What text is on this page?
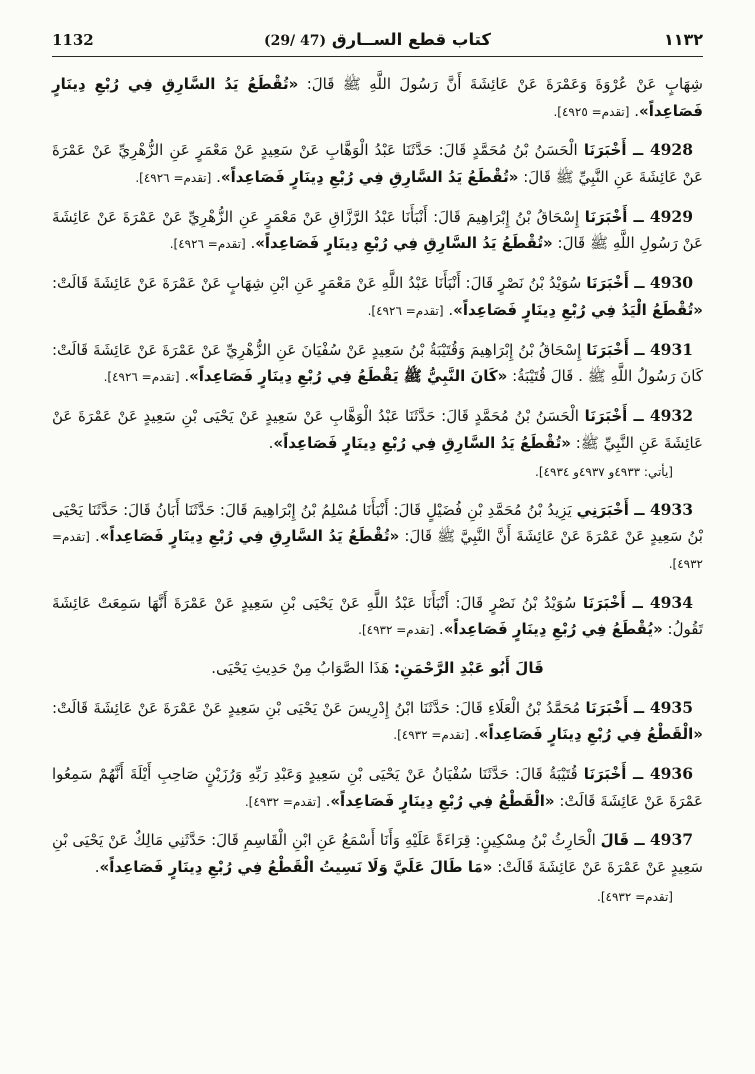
1132	(29/ 47) كتاب قطع الســارق	١١٣٢

شِهَابٍ عَنْ عُرْوَةَ وَعَمْرَةَ عَنْ عَائِشَةَ أَنَّ رَسُولَ اللَّهِ ﷺ قَالَ: «تُقْطَعُ يَدُ السَّارِقِ فِي رُبْعِ دِينَارٍ فَصَاعِداً». [تقدم= ٤٩٢٥].

4928 ــ أَخْبَرَنَا الْحَسَنُ بْنُ مُحَمَّدٍ قَالَ: حَدَّثَنَا عَبْدُ الْوَهَّابِ عَنْ سَعِيدٍ عَنْ مَعْمَرٍ عَنِ الزُّهْرِيِّ عَنْ عَمْرَةَ عَنْ عَائِشَةَ عَنِ النَّبِيِّ ﷺ قَالَ: «تُقْطَعُ يَدُ السَّارِقِ فِي رُبْعِ دِينَارٍ فَصَاعِداً». [تقدم= ٤٩٢٦].

4929 ــ أَخْبَرَنَا إِسْحَاقُ بْنُ إِبْرَاهِيمَ قَالَ: أَنْبَأَنَا عَبْدُ الرَّزَّاقِ عَنْ مَعْمَرٍ عَنِ الزُّهْرِيِّ عَنْ عَمْرَةَ عَنْ عَائِشَةَ عَنْ رَسُولِ اللَّهِ ﷺ قَالَ: «تُقْطَعُ يَدُ السَّارِقِ فِي رُبْعِ دِينَارٍ فَصَاعِداً». [تقدم= ٤٩٢٦].

4930 ــ أَخْبَرَنَا سُوَيْدُ بْنُ نَصْرٍ قَالَ: أَنْبَأَنَا عَبْدُ اللَّهِ عَنْ مَعْمَرٍ عَنِ ابْنِ شِهَابٍ عَنْ عَمْرَةَ عَنْ عَائِشَةَ قَالَتْ: «تُقْطَعُ الْيَدُ فِي رُبْعِ دِينَارٍ فَصَاعِداً». [تقدم= ٤٩٢٦].

4931 ــ أَخْبَرَنَا إِسْحَاقُ بْنُ إِبْرَاهِيمَ وَقُتَيْبَةُ بْنُ سَعِيدٍ عَنْ سُفْيَانَ عَنِ الزُّهْرِيِّ عَنْ عَمْرَةَ عَنْ عَائِشَةَ قَالَتْ: كَانَ رَسُولُ اللَّهِ ﷺ . قَالَ قُتَيْبَةُ: «كَانَ النَّبِيُّ ﷺ يَقْطَعُ فِي رُبْعِ دِينَارٍ فَصَاعِداً». [تقدم= ٤٩٢٦].

4932 ــ أَخْبَرَنَا الْحَسَنُ بْنُ مُحَمَّدٍ قَالَ: حَدَّثَنَا عَبْدُ الْوَهَّابِ عَنْ سَعِيدٍ عَنْ يَحْيَى بْنِ سَعِيدٍ عَنْ عَمْرَةَ عَنْ عَائِشَةَ عَنِ النَّبِيِّ ﷺ: «تُقْطَعُ يَدُ السَّارِقِ فِي رُبْعِ دِينَارٍ فَصَاعِداً».

[يأتي: ٤٩٣٣و ٤٩٣٧و ٤٩٣٤].

4933 ــ أَخْبَرَنِي يَزِيدُ بْنُ مُحَمَّدِ بْنِ فُضَيْلٍ قَالَ: أَنْبَأَنَا مُسْلِمُ بْنُ إِبْرَاهِيمَ قَالَ: حَدَّثَنَا أَبَانُ قَالَ: حَدَّثَنَا يَحْيَى بْنُ سَعِيدٍ عَنْ عَمْرَةَ عَنْ عَائِشَةَ أَنَّ النَّبِيَّ ﷺ قَالَ: «تُقْطَعُ يَدُ السَّارِقِ فِي رُبْعِ دِينَارٍ فَصَاعِداً». [تقدم= ٤٩٣٢].

4934 ــ أَخْبَرَنَا سُوَيْدُ بْنُ نَصْرٍ قَالَ: أَنْبَأَنَا عَبْدُ اللَّهِ عَنْ يَحْيَى بْنِ سَعِيدٍ عَنْ عَمْرَةَ أَنَّهَا سَمِعَتْ عَائِشَةَ تَقُولُ: «يُقْطَعُ فِي رُبْعِ دِينَارٍ فَصَاعِداً». [تقدم= ٤٩٣٢].

قَالَ أَبُو عَبْدِ الرَّحْمَنِ: هَذَا الصَّوَابُ مِنْ حَدِيثِ يَحْيَى.

4935 ــ أَخْبَرَنَا مُحَمَّدُ بْنُ الْعَلَاءِ قَالَ: حَدَّثَنَا ابْنُ إِدْرِيسَ عَنْ يَحْيَى بْنِ سَعِيدٍ عَنْ عَمْرَةَ عَنْ عَائِشَةَ قَالَتْ: «الْقَطْعُ فِي رُبْعِ دِينَارٍ فَصَاعِداً». [تقدم= ٤٩٣٢].

4936 ــ أَخْبَرَنَا قُتَيْبَةُ قَالَ: حَدَّثَنَا سُفْيَانُ عَنْ يَحْيَى بْنِ سَعِيدٍ وَعَبْدِ رَبِّهِ وَرُزَيْنٍ صَاحِبِ أَيْلَةَ أَنَّهُمْ سَمِعُوا عَمْرَةَ عَنْ عَائِشَةَ قَالَتْ: «الْقَطْعُ فِي رُبْعِ دِينَارٍ فَصَاعِداً». [تقدم= ٤٩٣٢].

4937 ــ قَالَ الْحَارِثُ بْنُ مِسْكِينٍ: قِرَاءَةً عَلَيْهِ وَأَنَا أَسْمَعُ عَنِ ابْنِ الْقَاسِمِ قَالَ: حَدَّثَنِي مَالِكٌ عَنْ يَحْيَى بْنِ سَعِيدٍ عَنْ عَمْرَةَ عَنْ عَائِشَةَ قَالَتْ: «مَا طَالَ عَلَيَّ وَلَا نَسِيتُ الْقَطْعُ فِي رُبْعِ دِينَارٍ فَصَاعِداً».

[تقدم= ٤٩٣٢].
